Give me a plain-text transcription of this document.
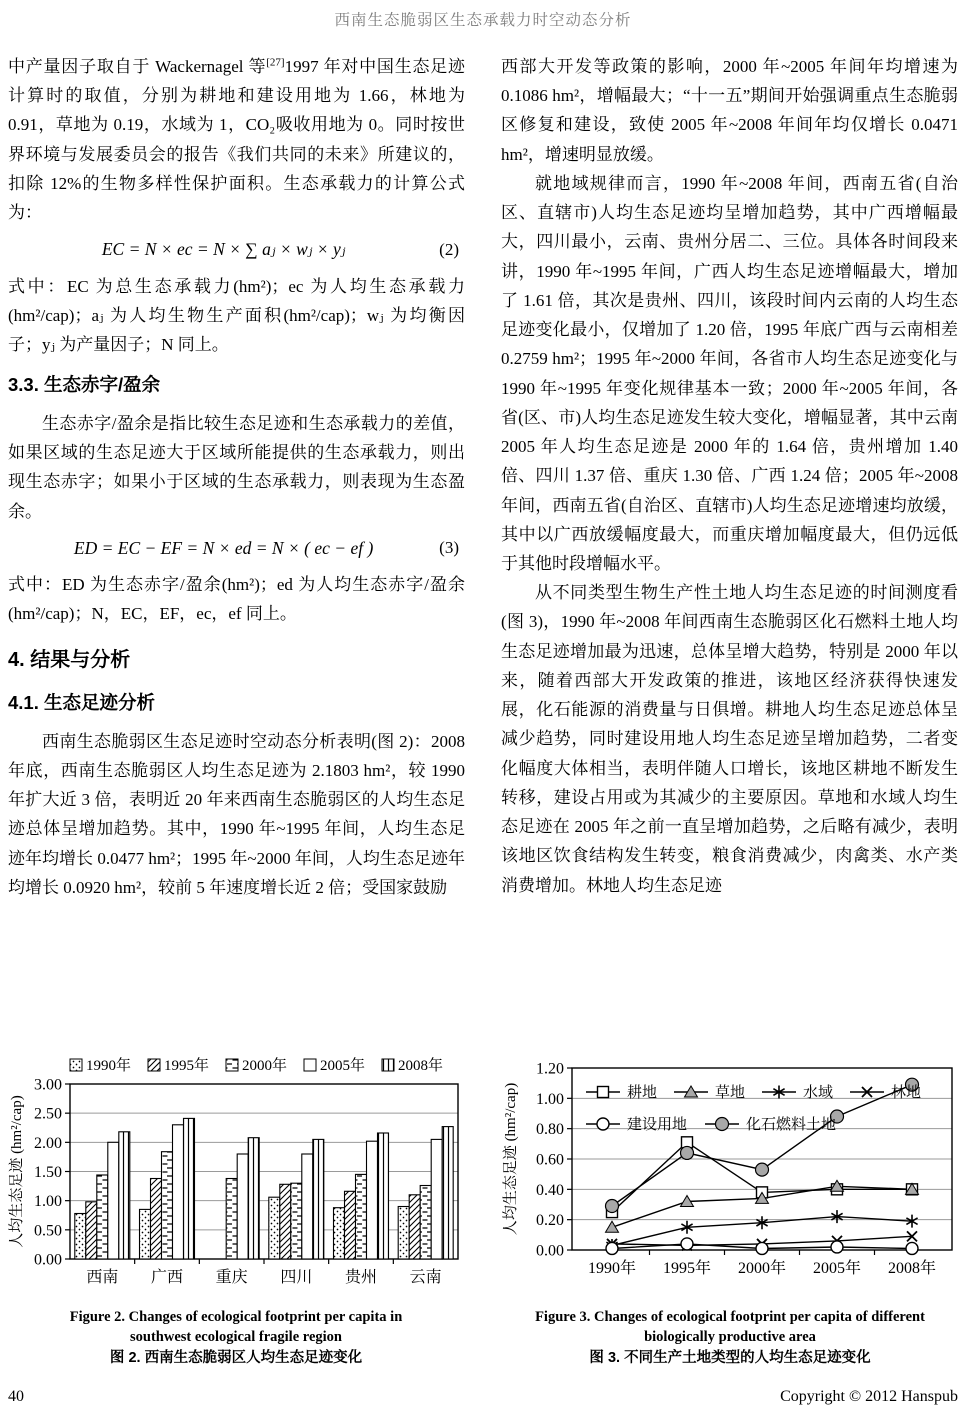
西南生态脆弱区生态承载力时空动态分析

中产量因子取自于 Wackernagel 等[27]1997 年对中国生态足迹计算时的取值，分别为耕地和建设用地为 1.66，林地为 0.91，草地为 0.19，水域为 1，CO₂吸收用地为 0。同时按世界环境与发展委员会的报告《我们共同的未来》所建议的，扣除 12%的生物多样性保护面积。生态承载力的计算公式为：

EC = N × ec = N × ∑ aⱼ × wⱼ × yⱼ	(2)

式中：EC 为总生态承载力(hm²)；ec 为人均生态承载力(hm²/cap)；aⱼ 为人均生物生产面积(hm²/cap)；wⱼ 为均衡因子；yⱼ 为产量因子；N 同上。

3.3. 生态赤字/盈余

生态赤字/盈余是指比较生态足迹和生态承载力的差值，如果区域的生态足迹大于区域所能提供的生态承载力，则出现生态赤字；如果小于区域的生态承载力，则表现为生态盈余。

ED = EC − EF = N × ed = N × ( ec − ef )	(3)

式中：ED 为生态赤字/盈余(hm²)；ed 为人均生态赤字/盈余(hm²/cap)；N，EC，EF，ec，ef 同上。

4. 结果与分析
4.1. 生态足迹分析

西南生态脆弱区生态足迹时空动态分析表明(图 2)：2008 年底，西南生态脆弱区人均生态足迹为 2.1803 hm²，较 1990 年扩大近 3 倍，表明近 20 年来西南生态脆弱区的人均生态足迹总体呈增加趋势。其中，1990 年~1995 年间，人均生态足迹年均增长 0.0477 hm²；1995 年~2000 年间，人均生态足迹年均增长 0.0920 hm²，较前 5 年速度增长近 2 倍；受国家鼓励

西部大开发等政策的影响，2000 年~2005 年间年均增速为 0.1086 hm²，增幅最大；“十一五”期间开始强调重点生态脆弱区修复和建设，致使 2005 年~2008 年间年均仅增长 0.0471 hm²，增速明显放缓。

就地域规律而言，1990 年~2008 年间，西南五省(自治区、直辖市)人均生态足迹均呈增加趋势，其中广西增幅最大，四川最小，云南、贵州分居二、三位。具体各时间段来讲，1990 年~1995 年间，广西人均生态足迹增幅最大，增加了 1.61 倍，其次是贵州、四川，该段时间内云南的人均生态足迹变化最小，仅增加了 1.20 倍，1995 年底广西与云南相差 0.2759 hm²；1995 年~2000 年间，各省市人均生态足迹变化与 1990 年~1995 年变化规律基本一致；2000 年~2005 年间，各省(区、市)人均生态足迹发生较大变化，增幅显著，其中云南 2005 年人均生态足迹是 2000 年的 1.64 倍，贵州增加 1.40 倍、四川 1.37 倍、重庆 1.30 倍、广西 1.24 倍；2005 年~2008 年间，西南五省(自治区、直辖市)人均生态足迹增速均放缓，其中以广西放缓幅度最大，而重庆增加幅度最大，但仍远低于其他时段增幅水平。

从不同类型生物生产性土地人均生态足迹的时间测度看(图 3)，1990 年~2008 年间西南生态脆弱区化石燃料土地人均生态足迹增加最为迅速，总体呈增大趋势，特别是 2000 年以来，随着西部大开发政策的推进，该地区经济获得快速发展，化石能源的消费量与日俱增。耕地人均生态足迹总体呈减少趋势，同时建设用地人均生态足迹呈增加趋势，二者变化幅度大体相当，表明伴随人口增长，该地区耕地不断发生转移，建设占用或为其减少的主要原因。草地和水域人均生态足迹在 2005 年之前一直呈增加趋势，之后略有减少，表明该地区饮食结构发生转变，粮食消费减少，肉禽类、水产类消费增加。林地人均生态足迹

0.00
0.50
1.00
1.50
2.00
2.50
3.00
西南 广西 重庆 四川 贵州 云南
1990年 1995年 2000年 2005年 2008年
人均生态足迹 (hm²/cap)
Figure 2. Changes of ecological footprint per capita in southwest ecological fragile region
图 2. 西南生态脆弱区人均生态足迹变化
0.00
0.20
0.40
0.60
0.80
1.00
1.20
1990年 1995年 2000年 2005年 2008年
耕地	草地	水域	林地
建设用地	化石燃料土地
人均生态足迹 (hm²/cap)
Figure 3. Changes of ecological footprint per capita of different biologically productive area
图 3. 不同生产土地类型的人均生态足迹变化
40	Copyright © 2012 Hanspub
